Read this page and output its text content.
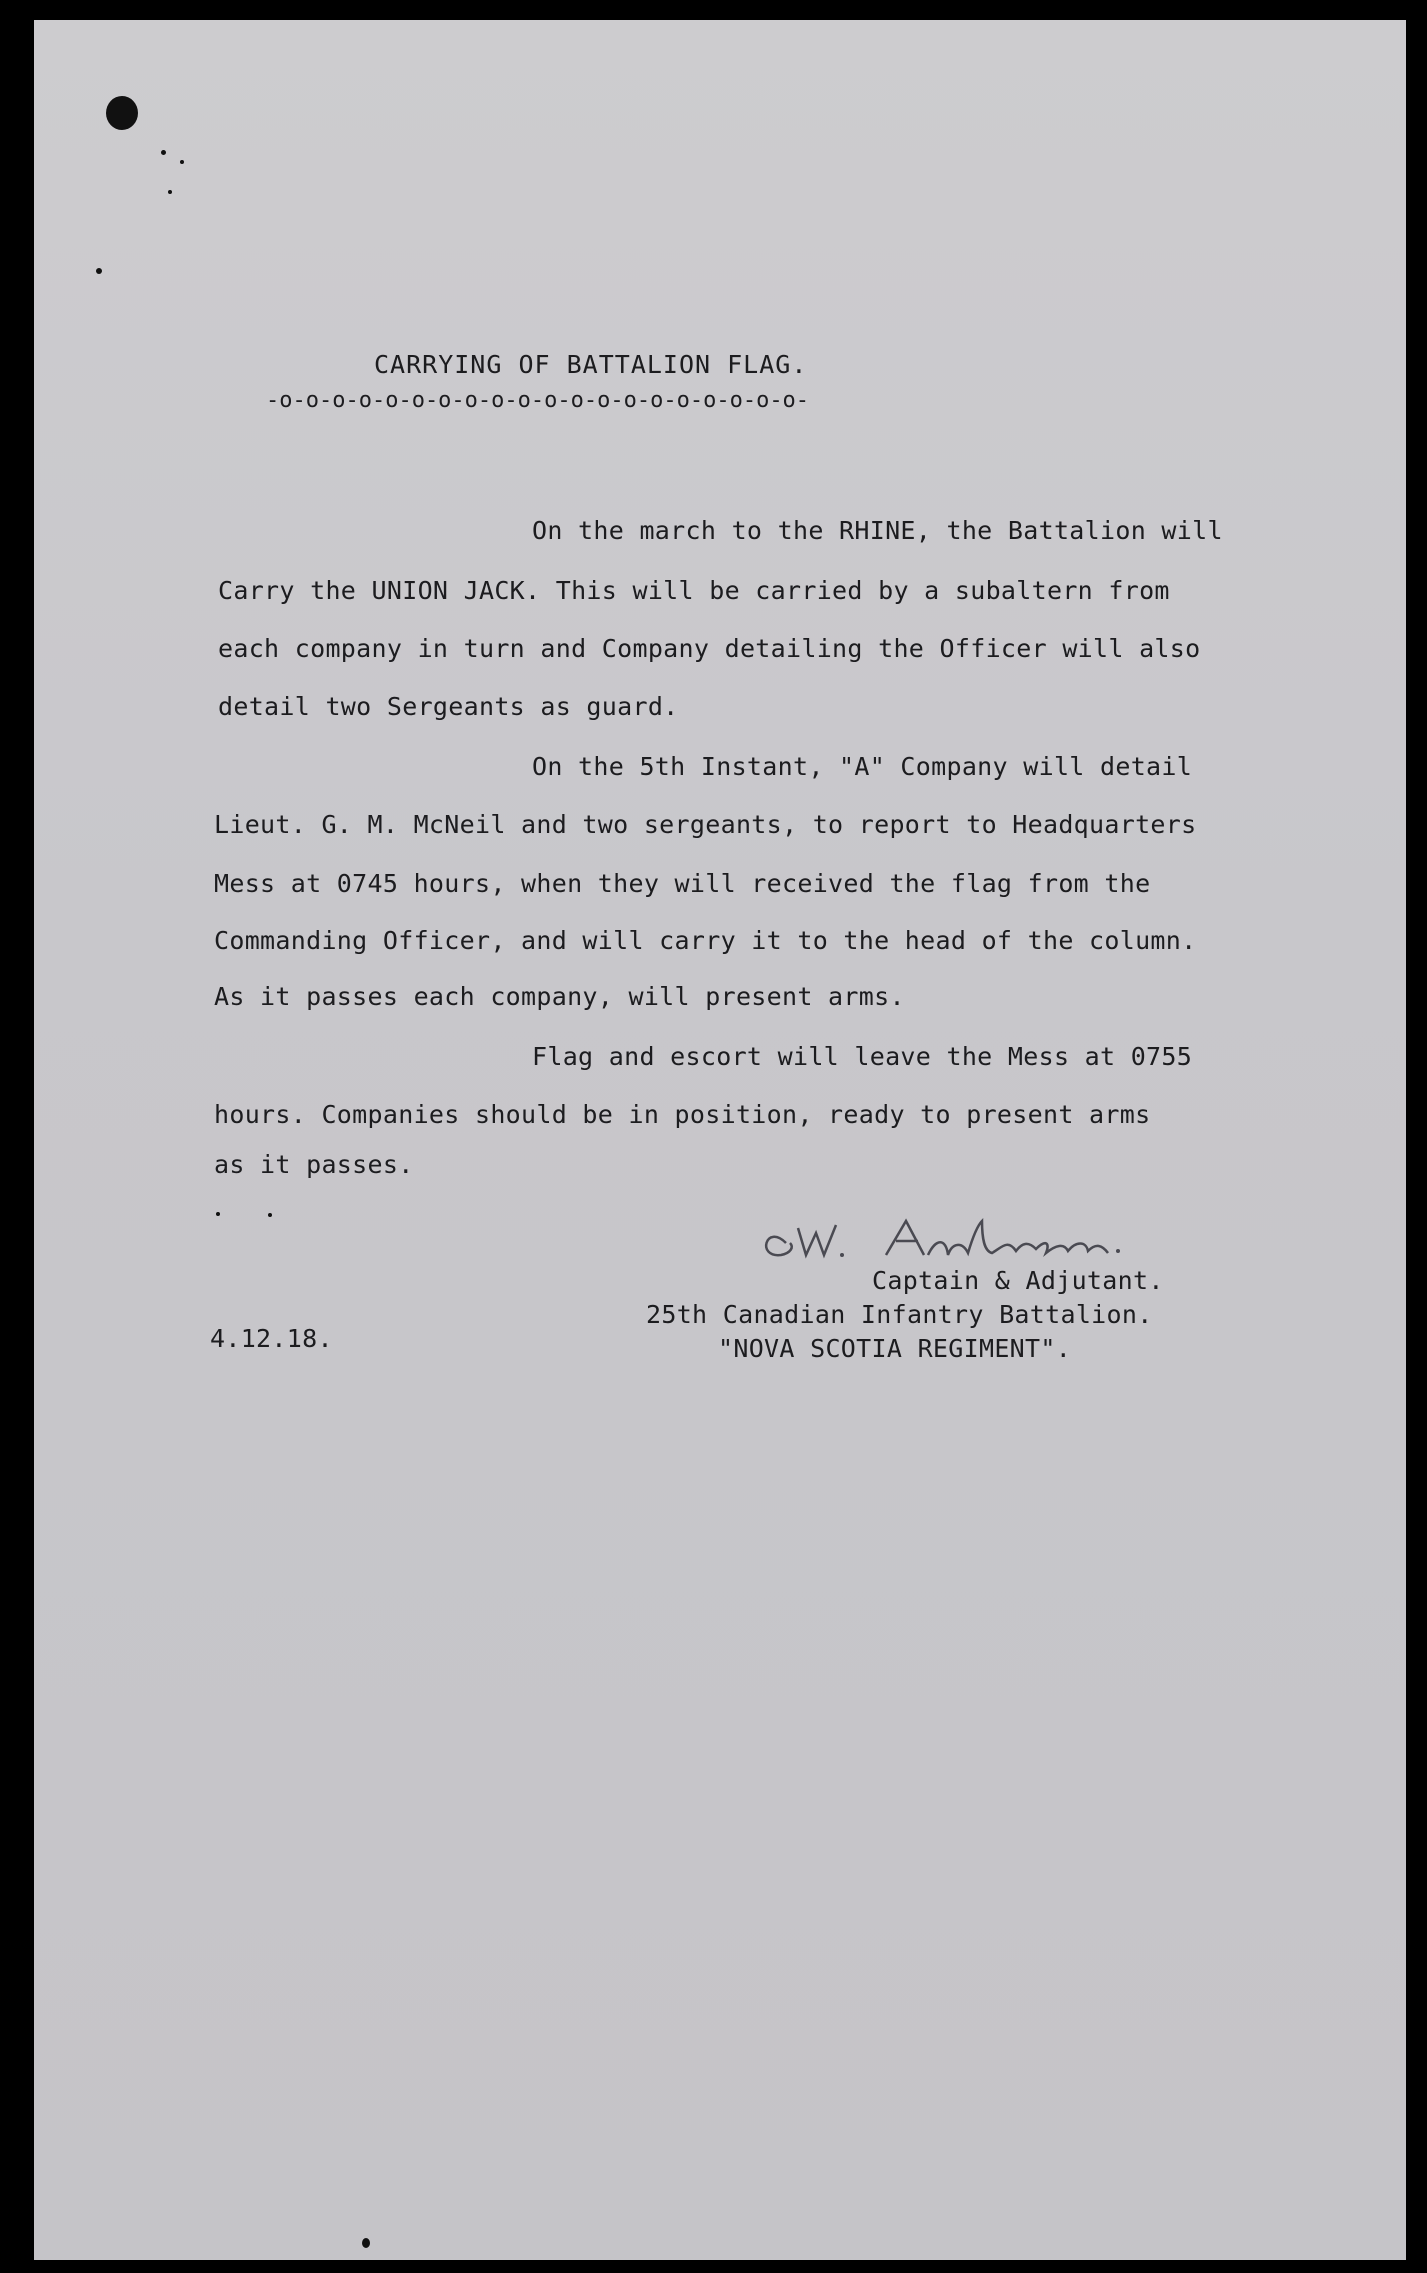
CARRYING OF BATTALION FLAG.
-o-o-o-o-o-o-o-o-o-o-o-o-o-o-o-o-o-o-o-o-
On the march to the RHINE, the Battalion will
Carry the UNION JACK. This will be carried by a subaltern from
each company in turn and Company detailing the Officer will also
detail two Sergeants as guard.
On the 5th Instant, "A" Company will detail
Lieut. G. M. McNeil and two sergeants, to report to Headquarters
Mess at 0745 hours, when they will received the flag from the
Commanding Officer, and will carry it to the head of the column.
As it passes each company, will present arms.
Flag and escort will leave the Mess at 0755
hours. Companies should be in position, ready to present arms
as it passes.
Captain & Adjutant.
25th Canadian Infantry Battalion.
"NOVA SCOTIA REGIMENT".
4.12.18.
